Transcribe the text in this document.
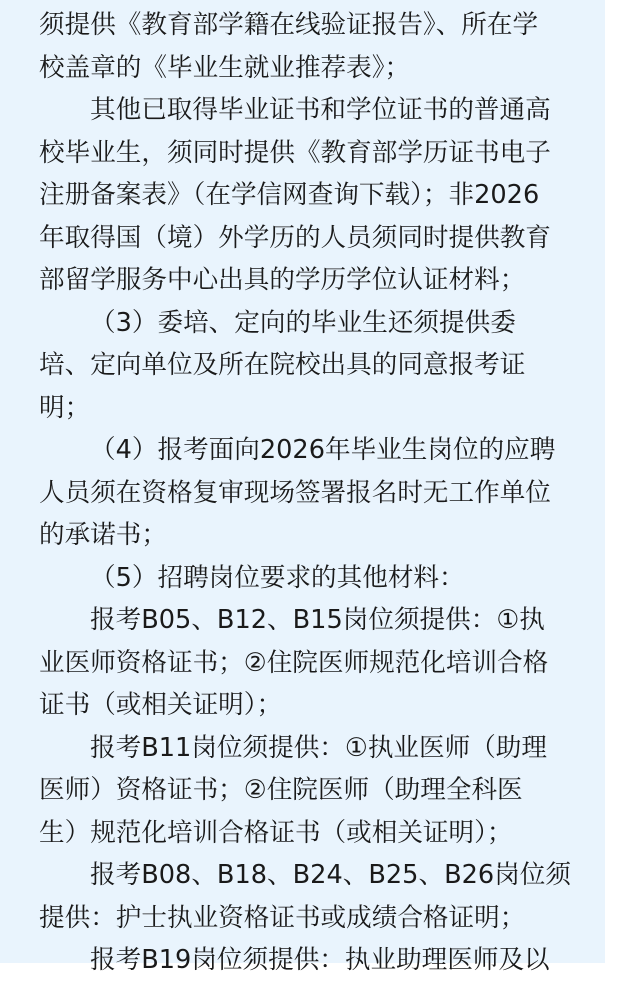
须提供《教育部学籍在线验证报告》、所在学
校盖章的《毕业生就业推荐表》；
其他已取得毕业证书和学位证书的普通高
校毕业生，须同时提供《教育部学历证书电子
注册备案表》（在学信网查询下载）；非2026
年取得国（境）外学历的人员须同时提供教育
部留学服务中心出具的学历学位认证材料；
（3）委培、定向的毕业生还须提供委
培、定向单位及所在院校出具的同意报考证
明；
（4）报考面向2026年毕业生岗位的应聘
人员须在资格复审现场签署报名时无工作单位
的承诺书；
（5）招聘岗位要求的其他材料：
报考B05、B12、B15岗位须提供：①执
业医师资格证书；②住院医师规范化培训合格
证书（或相关证明）；
报考B11岗位须提供：①执业医师（助理
医师）资格证书；②住院医师（助理全科医
生）规范化培训合格证书（或相关证明）；
报考B08、B18、B24、B25、B26岗位须
提供：护士执业资格证书或成绩合格证明；
报考B19岗位须提供：执业助理医师及以
